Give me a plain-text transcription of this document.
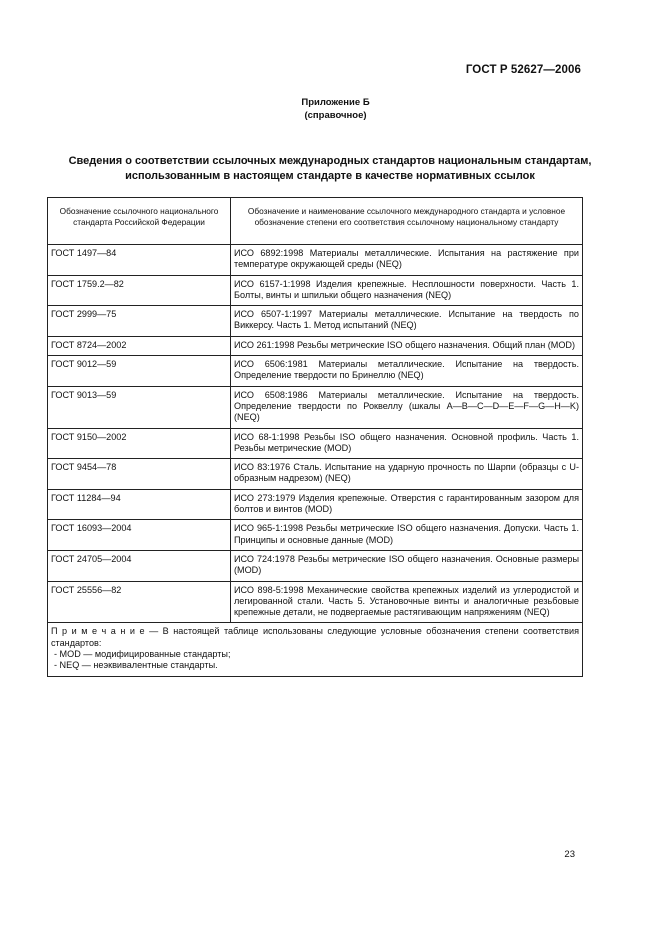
ГОСТ Р 52627—2006
Приложение Б
(справочное)
Сведения о соответствии ссылочных международных стандартов национальным стандартам,
использованным в настоящем стандарте в качестве нормативных ссылок
Обозначение ссылочного национального стандарта Российской Федерации	Обозначение и наименование ссылочного международного стандарта и условное обозначение степени его соответствия ссылочному национальному стандарту
ГОСТ 1497—84	ИСО 6892:1998 Материалы металлические. Испытания на растяжение при температуре окружающей среды (NEQ)
ГОСТ 1759.2—82	ИСО 6157-1:1998 Изделия крепежные. Несплошности поверхности. Часть 1. Болты, винты и шпильки общего назначения (NEQ)
ГОСТ 2999—75	ИСО 6507-1:1997 Материалы металлические. Испытание на твердость по Виккерсу. Часть 1. Метод испытаний (NEQ)
ГОСТ 8724—2002	ИСО 261:1998 Резьбы метрические ISO общего назначения. Общий план (MOD)
ГОСТ 9012—59	ИСО 6506:1981 Материалы металлические. Испытание на твердость. Определение твердости по Бринеллю (NEQ)
ГОСТ 9013—59	ИСО 6508:1986 Материалы металлические. Испытание на твердость. Определение твердости по Роквеллу (шкалы А—В—С—D—Е—F—G—Н—K) (NEQ)
ГОСТ 9150—2002	ИСО 68-1:1998 Резьбы ISO общего назначения. Основной профиль. Часть 1. Резьбы метрические (MOD)
ГОСТ 9454—78	ИСО 83:1976 Сталь. Испытание на ударную прочность по Шарпи (образцы с U-образным надрезом) (NEQ)
ГОСТ 11284—94	ИСО 273:1979 Изделия крепежные. Отверстия с гарантированным зазором для болтов и винтов (MOD)
ГОСТ 16093—2004	ИСО 965-1:1998 Резьбы метрические ISO общего назначения. Допуски. Часть 1. Принципы и основные данные (MOD)
ГОСТ 24705—2004	ИСО 724:1978 Резьбы метрические ISO общего назначения. Основные размеры (MOD)
ГОСТ 25556—82	ИСО 898-5:1998 Механические свойства крепежных изделий из углеродистой и легированной стали. Часть 5. Установочные винты и аналогичные резьбовые крепежные детали, не подвергаемые растягивающим напряжениям (NEQ)

П р и м е ч а н и е — В настоящей таблице использованы следующие условные обозначения степени соответствия стандартов:
- MOD — модифицированные стандарты;
- NEQ — неэквивалентные стандарты.	
23
